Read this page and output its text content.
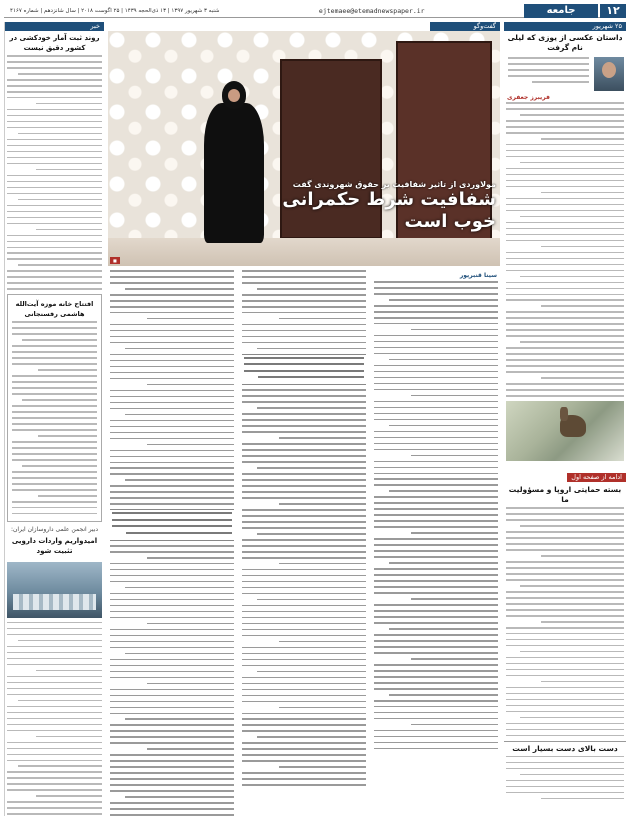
۱۲
جامعه
ejtemaee@etemadnewspaper.ir
شنبه ۳ شهریور ۱۳۹۷ | ۱۳ ذی‌الحجه ۱۴۳۹ | ۲۵ اگوست ۲۰۱۸ | سال شانزدهم | شماره ۴۱۶۷
۲۵ شهریور
داستان عکسی از یوزی که لیلی نام گرفت
فریبرز جعفری
ادامه از صفحه اول
بسته حمایتی اروپا و مسؤولیت ما
دست بالای دست بسیار است
گفت‌وگو
■
مولاوردی از تاثیر شفافیت بر حقوق شهروندی گفت
شفافیت شرط حکمرانی خوب است
سینا قنبرپور
خبر
روند ثبت آمار خودکشی در کشور دقیق نیست
افتتاح خانه موزه آیت‌الله هاشمی رفسنجانی
دبیر انجمن علمی داروسازان ایران:
امیدواریم واردات دارویی تثبیت شود
